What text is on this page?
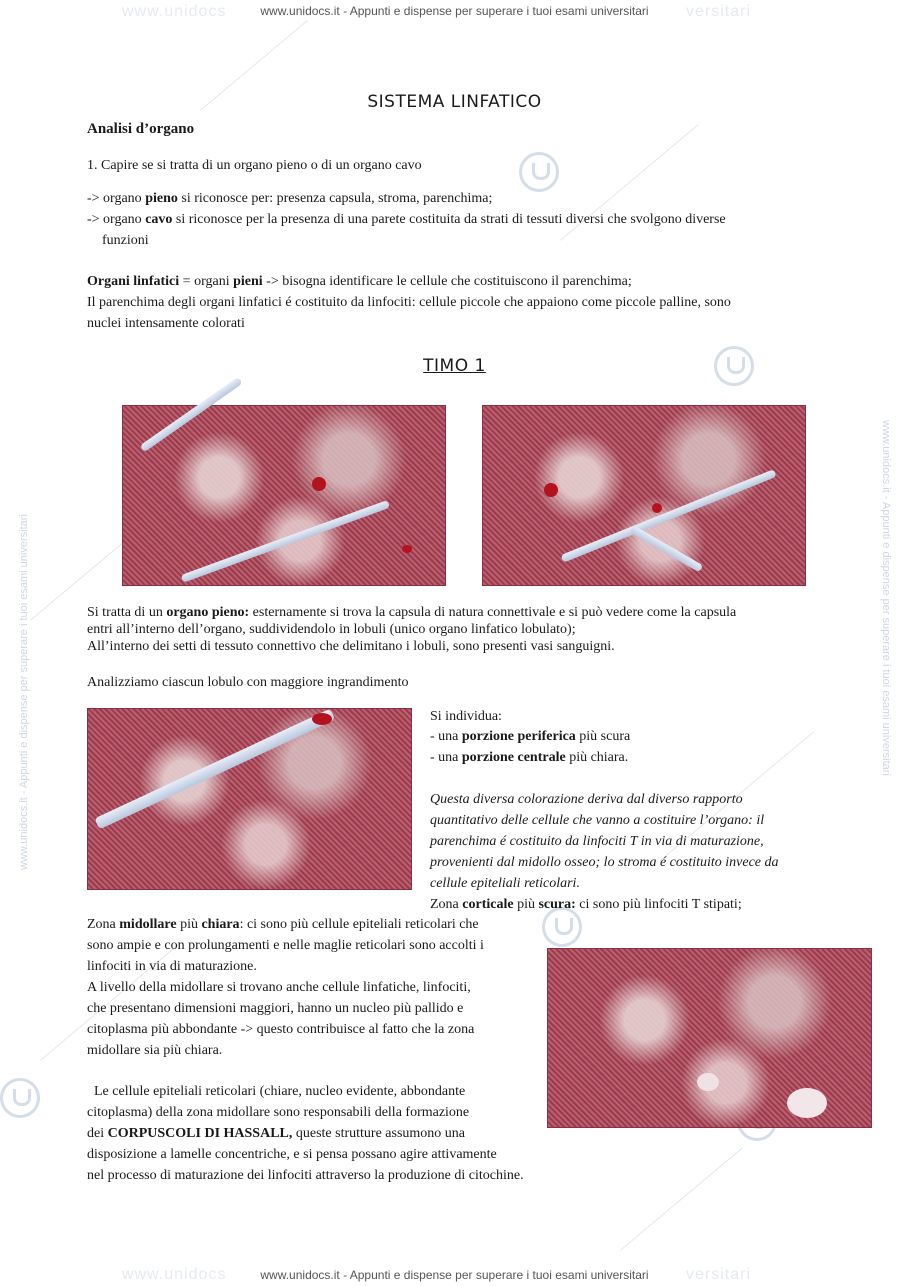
www.unidocs	versitari
www.unidocs.it - Appunti e dispense per superare i tuoi esami universitari
www.unidocs	versitari
www.unidocs.it - Appunti e dispense per superare i tuoi esami universitari
www.unidocs.it - Appunti e dispense per superare i tuoi esami universitari	www.unidocs.it - Appunti e dispense per superare i tuoi esami universitari
SISTEMA LINFATICO
Analisi d’organo
1. Capire se si tratta di un organo pieno o di un organo cavo
-> organo pieno si riconosce per: presenza capsula, stroma, parenchima;
-> organo cavo si riconosce per la presenza di una parete costituita da strati di tessuti diversi che svolgono diverse
funzioni
Organi linfatici = organi pieni -> bisogna identificare le cellule che costituiscono il parenchima;
Il parenchima degli organi linfatici é costituito da linfociti: cellule piccole che appaiono come piccole palline, sono
nuclei intensamente colorati
TIMO 1
Si tratta di un organo pieno: esternamente si trova la capsula di natura connettivale e si può vedere come la capsula
entri all’interno dell’organo, suddividendolo in lobuli (unico organo linfatico lobulato);
All’interno dei setti di tessuto connettivo che delimitano i lobuli, sono presenti vasi sanguigni.
Analizziamo ciascun lobulo con maggiore ingrandimento
Si individua:
- una porzione periferica più scura
- una porzione centrale più chiara.
Questa diversa colorazione deriva dal diverso rapporto
quantitativo delle cellule che vanno a costituire l’organo: il
parenchima é costituito da linfociti T in via di maturazione,
provenienti dal midollo osseo; lo stroma é costituito invece da
cellule epiteliali reticolari.
Zona corticale più scura: ci sono più linfociti T stipati;
Zona midollare più chiara: ci sono più cellule epiteliali reticolari che
sono ampie e con prolungamenti e nelle maglie reticolari sono accolti i
linfociti in via di maturazione.
A livello della midollare si trovano anche cellule linfatiche, linfociti,
che presentano dimensioni maggiori, hanno un nucleo più pallido e
citoplasma più abbondante -> questo contribuisce al fatto che la zona
midollare sia più chiara.
Le cellule epiteliali reticolari (chiare, nucleo evidente, abbondante
citoplasma) della zona midollare sono responsabili della formazione
dei CORPUSCOLI DI HASSALL, queste strutture assumono una
disposizione a lamelle concentriche, e si pensa possano agire attivamente
nel processo di maturazione dei linfociti attraverso la produzione di citochine.
